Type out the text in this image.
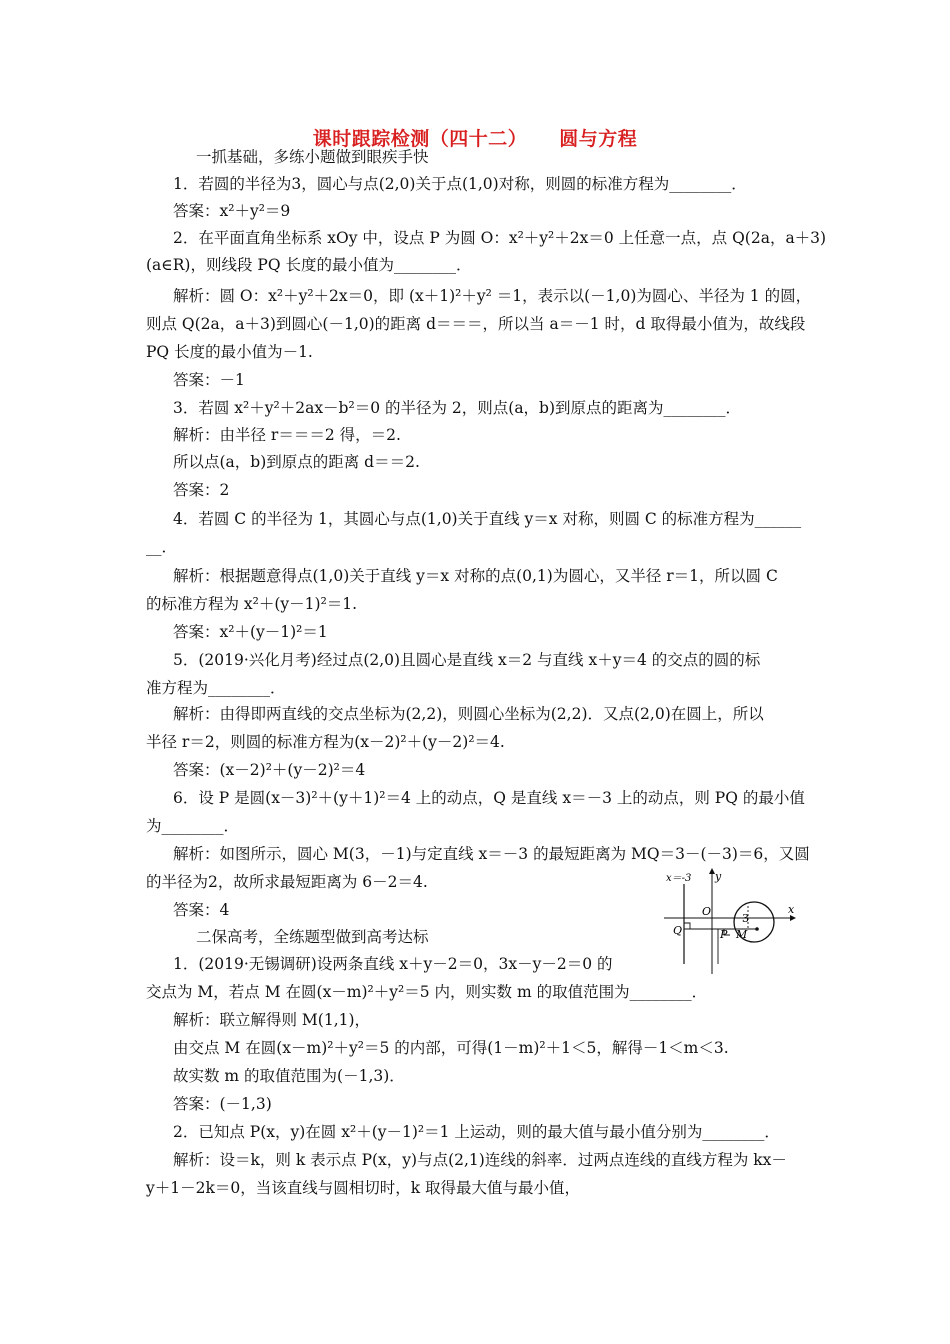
课时跟踪检测（四十二） 圆与方程
一抓基础，多练小题做到眼疾手快
1．若圆的半径为3，圆心与点(2,0)关于点(1,0)对称，则圆的标准方程为________．
答案：x²＋y²＝9
2．在平面直角坐标系 xOy 中，设点 P 为圆 O：x²＋y²＋2x＝0 上任意一点，点 Q(2a，a＋3)
(a∈R)，则线段 PQ 长度的最小值为________．
解析：圆 O：x²＋y²＋2x＝0，即 (x＋1)²＋y² ＝1，表示以(－1,0)为圆心、半径为 1 的圆，
则点 Q(2a，a＋3)到圆心(－1,0)的距离 d＝＝＝，所以当 a＝－1 时，d 取得最小值为，故线段
PQ 长度的最小值为－1.
答案：－1
3．若圆 x²＋y²＋2ax－b²＝0 的半径为 2，则点(a，b)到原点的距离为________．
解析：由半径 r＝＝＝2 得，＝2.
所以点(a，b)到原点的距离 d＝＝2.
答案：2
4．若圆 C 的半径为 1，其圆心与点(1,0)关于直线 y＝x 对称，则圆 C 的标准方程为______
__．
解析：根据题意得点(1,0)关于直线 y＝x 对称的点(0,1)为圆心，又半径 r＝1，所以圆 C
的标准方程为 x²＋(y－1)²＝1.
答案：x²＋(y－1)²＝1
5．(2019·兴化月考)经过点(2,0)且圆心是直线 x＝2 与直线 x＋y＝4 的交点的圆的标
准方程为________．
解析：由得即两直线的交点坐标为(2,2)，则圆心坐标为(2,2)．又点(2,0)在圆上，所以
半径 r＝2，则圆的标准方程为(x－2)²＋(y－2)²＝4.
答案：(x－2)²＋(y－2)²＝4
6．设 P 是圆(x－3)²＋(y＋1)²＝4 上的动点，Q 是直线 x＝－3 上的动点，则 PQ 的最小值
为________．
解析：如图所示，圆心 M(3，－1)与定直线 x＝－3 的最短距离为 MQ＝3－(－3)＝6，又圆
的半径为2，故所求最短距离为 6－2＝4.
答案：4
二保高考，全练题型做到高考达标
1．(2019·无锡调研)设两条直线 x＋y－2＝0，3x－y－2＝0 的
交点为 M，若点 M 在圆(x－m)²＋y²＝5 内，则实数 m 的取值范围为________．
解析：联立解得则 M(1,1)，
由交点 M 在圆(x－m)²＋y²＝5 的内部，可得(1－m)²＋1＜5，解得－1＜m＜3.
故实数 m 的取值范围为(－1,3)．
答案：(－1,3)
2．已知点 P(x，y)在圆 x²＋(y－1)²＝1 上运动，则的最大值与最小值分别为________．
解析：设＝k，则 k 表示点 P(x，y)与点(2,1)连线的斜率．过两点连线的直线方程为 kx－
y＋1－2k＝0，当该直线与圆相切时，k 取得最大值与最小值，
x＝-3 y
x
O
Q	P M
3
